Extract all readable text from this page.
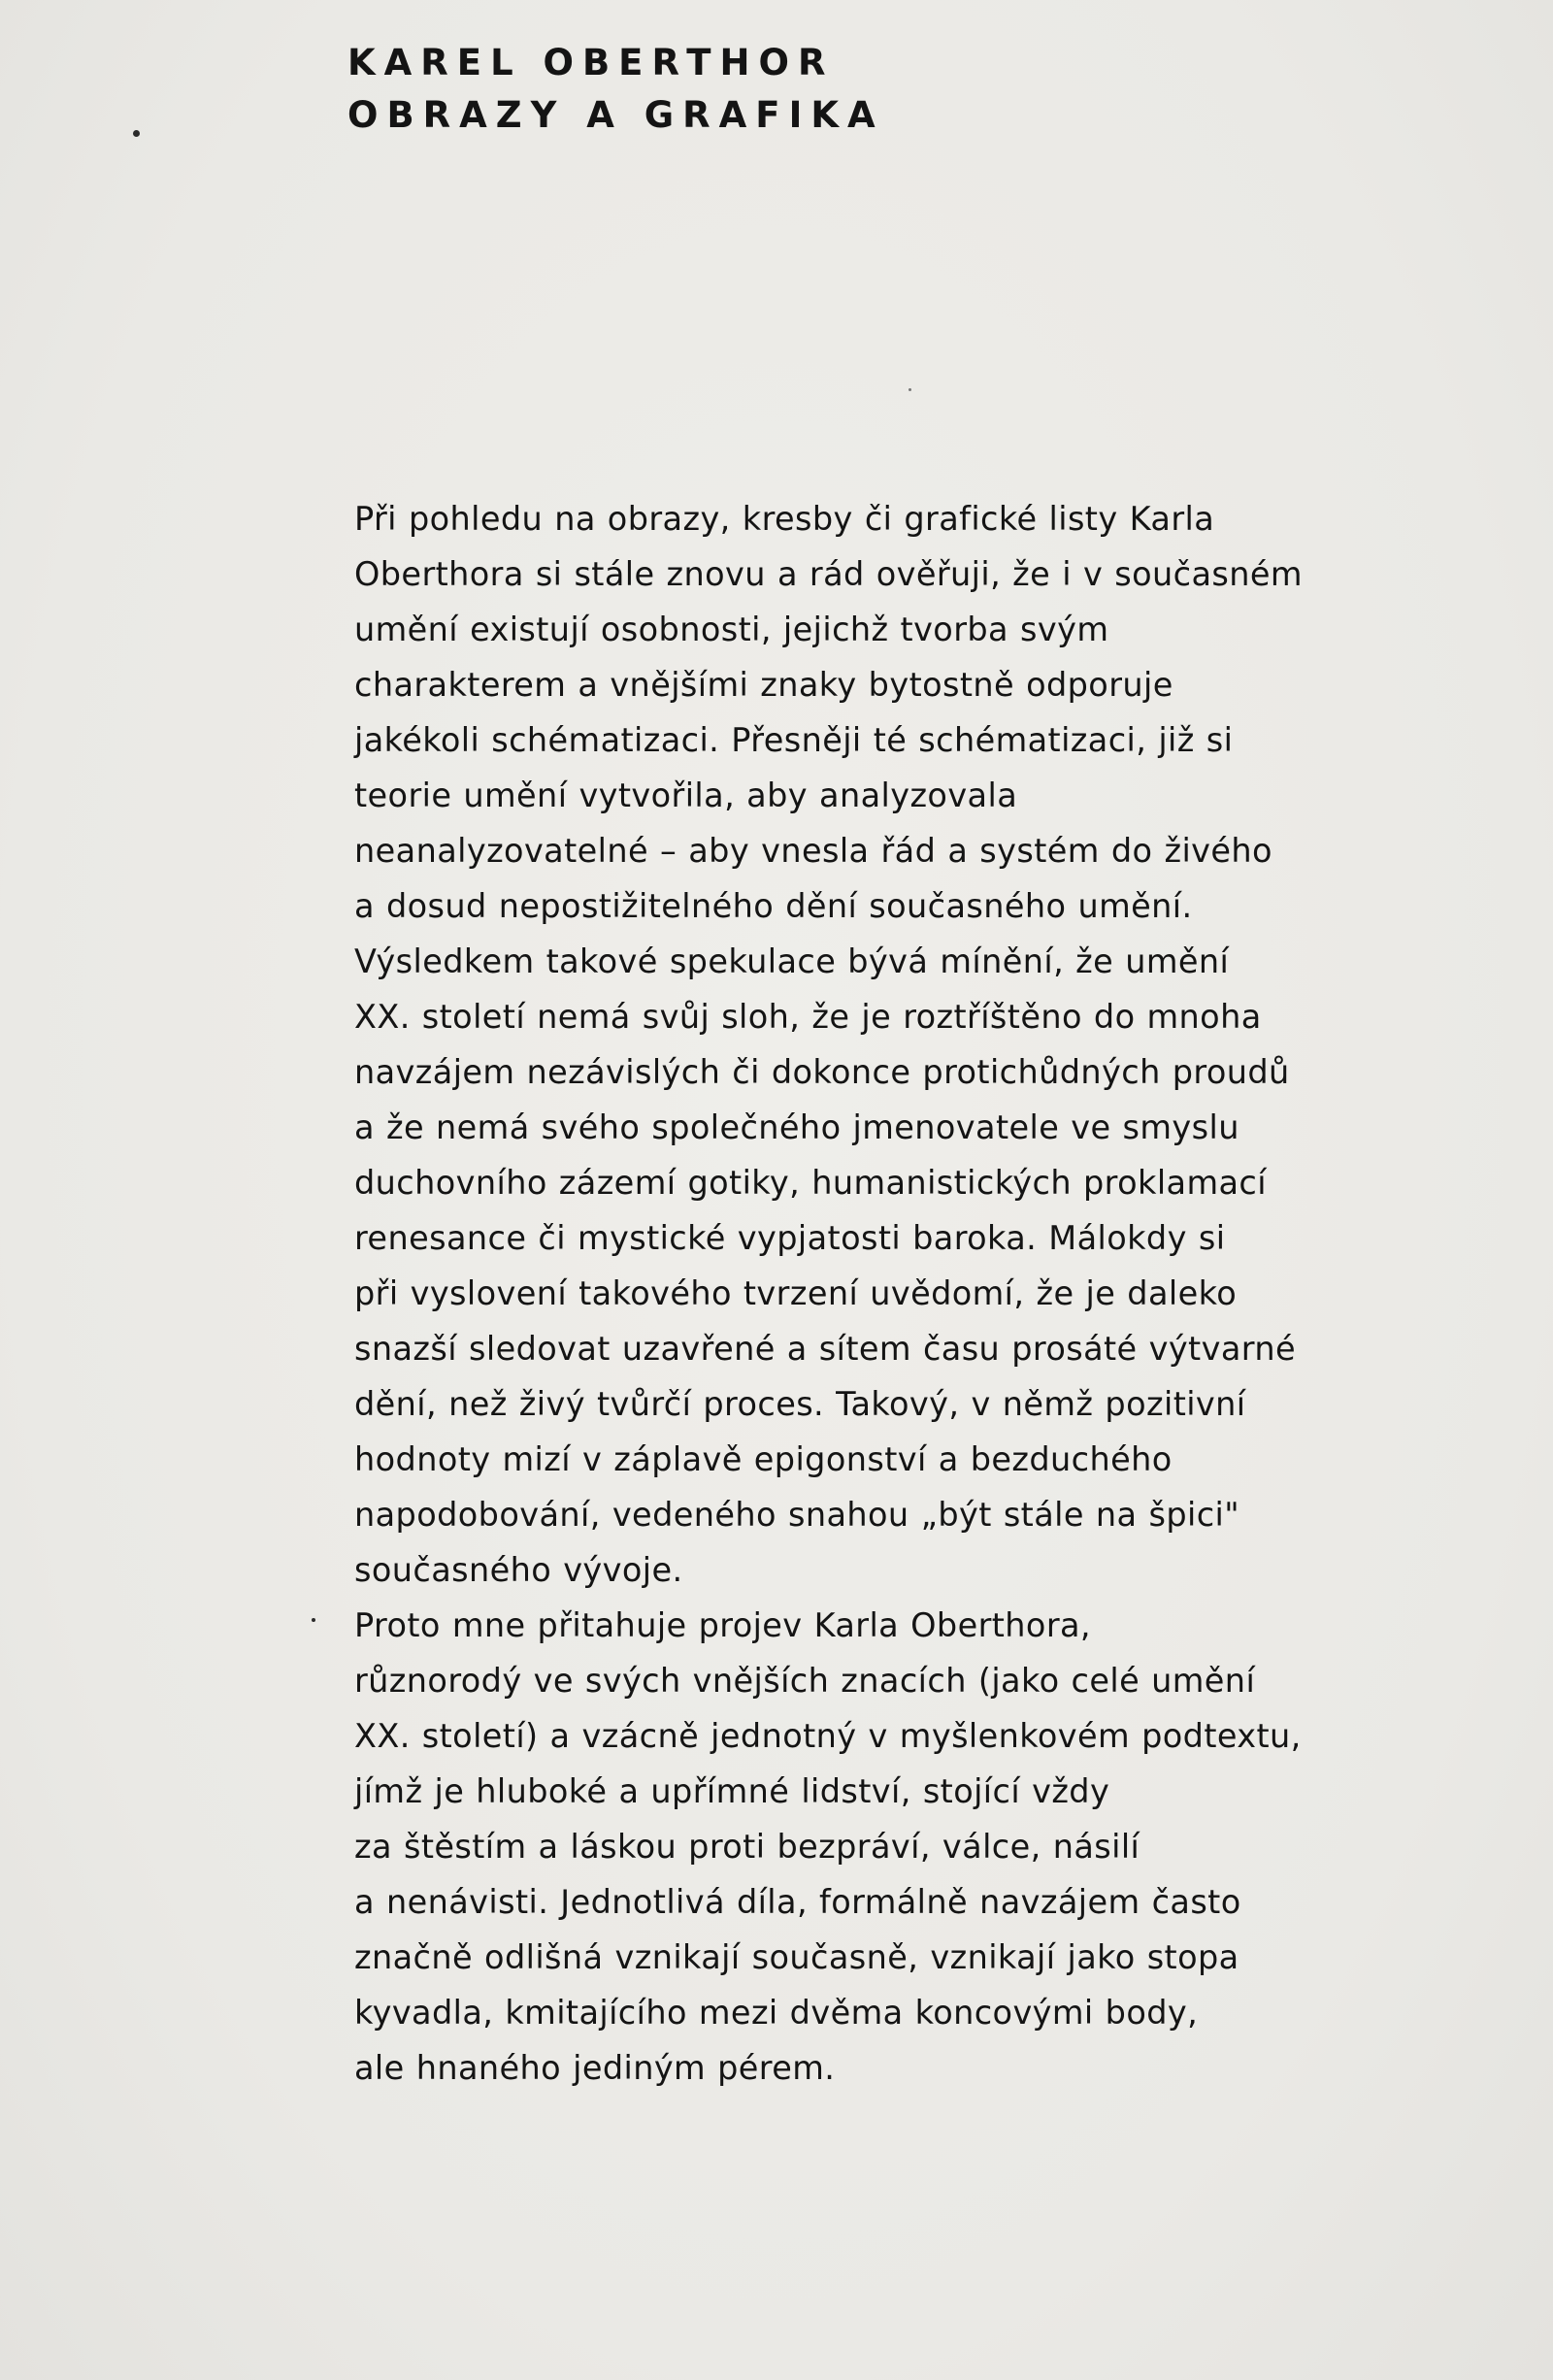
KAREL OBERTHOR

OBRAZY A GRAFIKA

Při pohledu na obrazy, kresby či grafické listy Karla
Oberthora si stále znovu a rád ověřuji, že i v současném
umění existují osobnosti, jejichž tvorba svým
charakterem a vnějšími znaky bytostně odporuje
jakékoli schématizaci. Přesněji té schématizaci, již si
teorie umění vytvořila, aby analyzovala
neanalyzovatelné – aby vnesla řád a systém do živého
a dosud nepostižitelného dění současného umění.
Výsledkem takové spekulace bývá mínění, že umění
XX. století nemá svůj sloh, že je roztříštěno do mnoha
navzájem nezávislých či dokonce protichůdných proudů
a že nemá svého společného jmenovatele ve smyslu
duchovního zázemí gotiky, humanistických proklamací
renesance či mystické vypjatosti baroka. Málokdy si
při vyslovení takového tvrzení uvědomí, že je daleko
snazší sledovat uzavřené a sítem času prosáté výtvarné
dění, než živý tvůrčí proces. Takový, v němž pozitivní
hodnoty mizí v záplavě epigonství a bezduchého
napodobování, vedeného snahou „být stále na špici"
současného vývoje.
Proto mne přitahuje projev Karla Oberthora,
různorodý ve svých vnějších znacích (jako celé umění
XX. století) a vzácně jednotný v myšlenkovém podtextu,
jímž je hluboké a upřímné lidství, stojící vždy
za štěstím a láskou proti bezpráví, válce, násilí
a nenávisti. Jednotlivá díla, formálně navzájem často
značně odlišná vznikají současně, vznikají jako stopa
kyvadla, kmitajícího mezi dvěma koncovými body,
ale hnaného jediným pérem.
